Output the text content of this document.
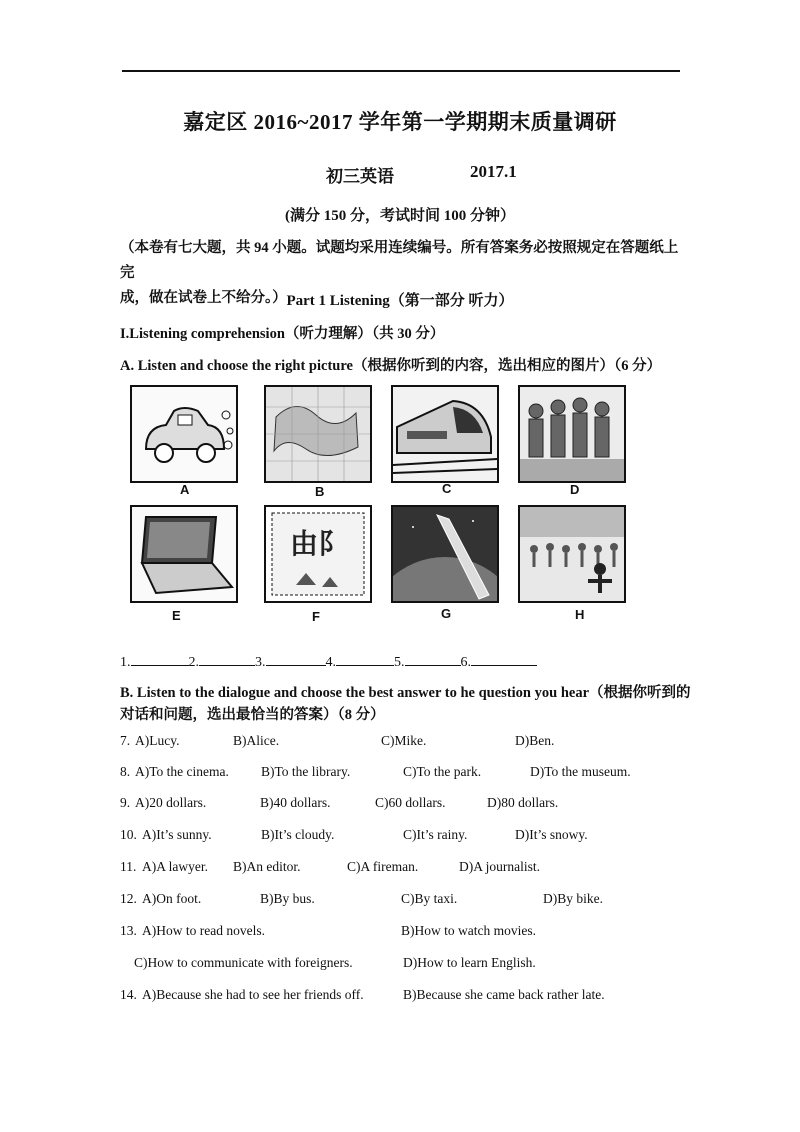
嘉定区 2016~2017 学年第一学期期末质量调研
初三英语	2017.1
(满分 150 分，考试时间 100 分钟）
（本卷有七大题，共 94 小题。试题均采用连续编号。所有答案务必按照规定在答题纸上完
成，做在试卷上不给分。） Part 1 Listening（第一部分 听力）
I.Listening comprehension（听力理解）（共 30 分）
A. Listen and choose the right picture（根据你听到的内容，选出相应的图片）（6 分）
A	B	C	D
由阝
E	F	G	H
1.	2.	3.	4.	5.	6.
B. Listen to the dialogue and choose the best answer to he question you hear（根据你听到的
对话和问题，选出最恰当的答案）（8 分）
7. A)Lucy.	B)Alice.	C)Mike.	D)Ben.
8. A)To the cinema. B)To the library.	C)To the park.	D)To the museum.
9. A)20 dollars.	B)40 dollars.	C)60 dollars.	D)80 dollars.
10. A)It’s sunny.	B)It’s cloudy.	C)It’s rainy.	D)It’s snowy.
11. A)A lawyer. B)An editor.	C)A fireman.	D)A journalist.
12. A)On foot.	B)By bus.	C)By taxi.	D)By bike.
13. A)How to read novels.	B)How to watch movies.
C)How to communicate with foreigners.	D)How to learn English.
14. A)Because she had to see her friends off.	B)Because she came back rather late.
